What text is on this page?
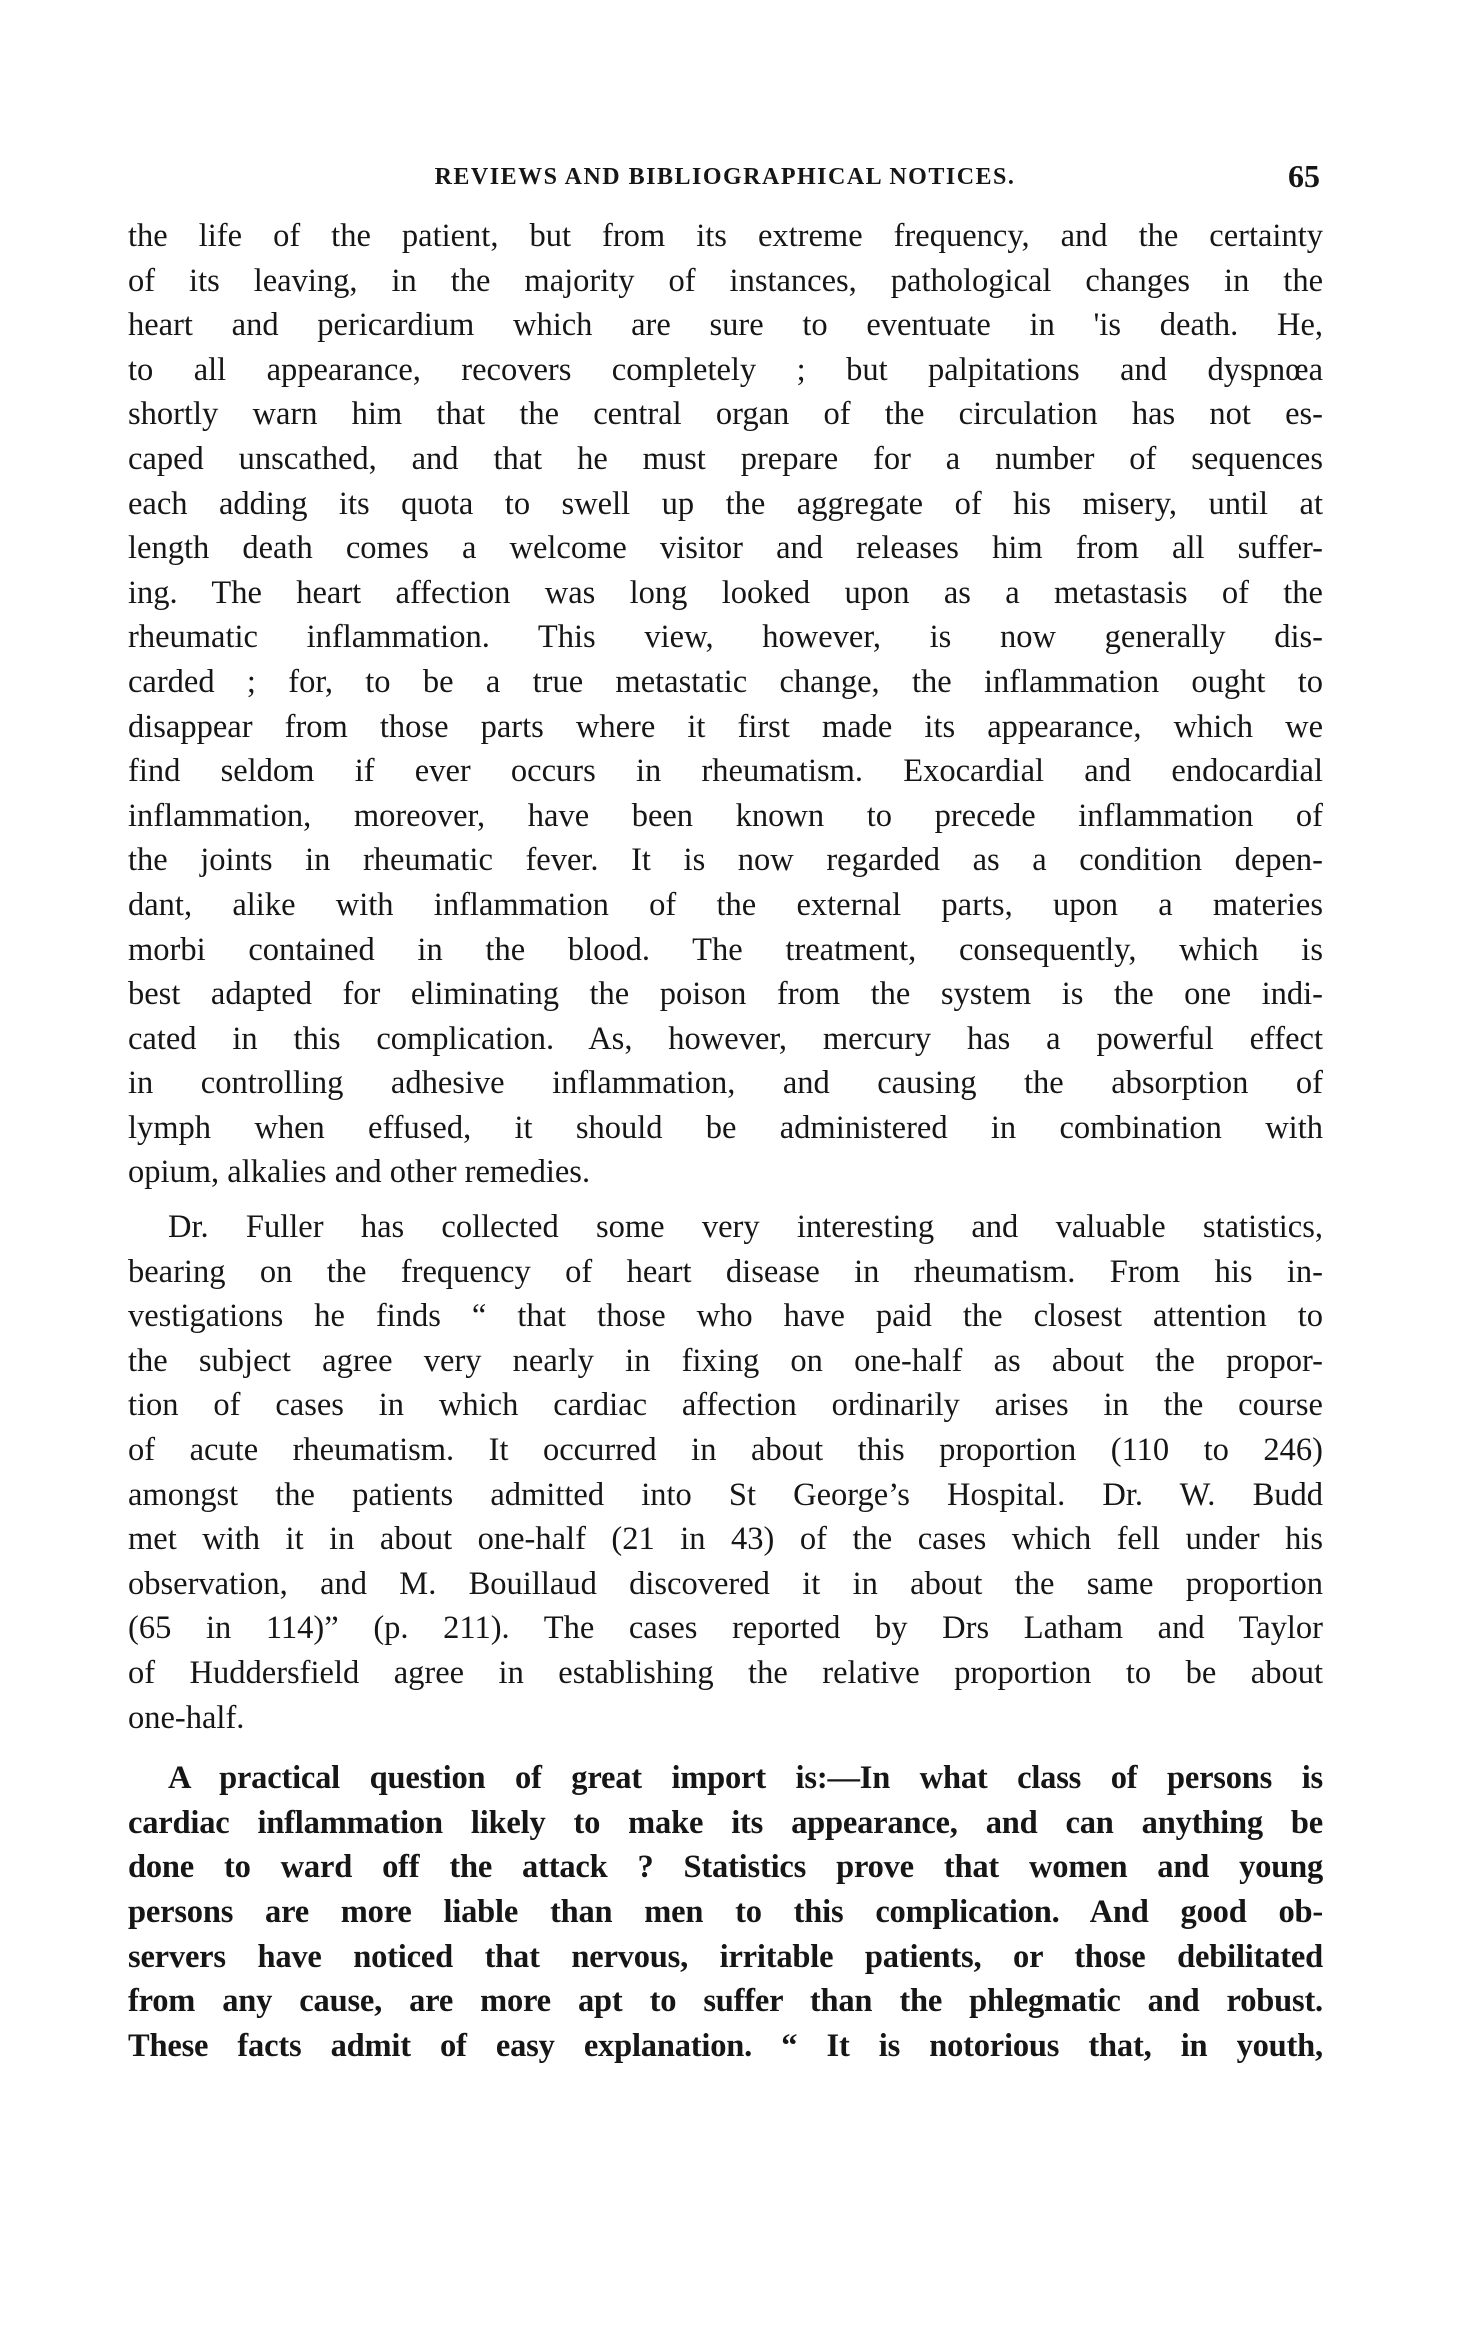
REVIEWS AND BIBLIOGRAPHICAL NOTICES.	65

the life of the patient, but from its extreme frequency, and the certainty
of its leaving, in the majority of instances, pathological changes in the
heart and pericardium which are sure to eventuate in 'is death. He,
to all appearance, recovers completely ; but palpitations and dyspnœa
shortly warn him that the central organ of the circulation has not es-
caped unscathed, and that he must prepare for a number of sequences
each adding its quota to swell up the aggregate of his misery, until at
length death comes a welcome visitor and releases him from all suffer-
ing. The heart affection was long looked upon as a metastasis of the
rheumatic inflammation. This view, however, is now generally dis-
carded ; for, to be a true metastatic change, the inflammation ought to
disappear from those parts where it first made its appearance, which we
find seldom if ever occurs in rheumatism. Exocardial and endocardial
inflammation, moreover, have been known to precede inflammation of
the joints in rheumatic fever. It is now regarded as a condition depen-
dant, alike with inflammation of the external parts, upon a materies
morbi contained in the blood. The treatment, consequently, which is
best adapted for eliminating the poison from the system is the one indi-
cated in this complication. As, however, mercury has a powerful effect
in controlling adhesive inflammation, and causing the absorption of
lymph when effused, it should be administered in combination with
opium, alkalies and other remedies.

Dr. Fuller has collected some very interesting and valuable statistics,
bearing on the frequency of heart disease in rheumatism. From his in-
vestigations he finds “ that those who have paid the closest attention to
the subject agree very nearly in fixing on one-half as about the propor-
tion of cases in which cardiac affection ordinarily arises in the course
of acute rheumatism. It occurred in about this proportion (110 to 246)
amongst the patients admitted into St George’s Hospital. Dr. W. Budd
met with it in about one-half (21 in 43) of the cases which fell under his
observation, and M. Bouillaud discovered it in about the same proportion
(65 in 114)” (p. 211). The cases reported by Drs Latham and Taylor
of Huddersfield agree in establishing the relative proportion to be about
one-half.

A practical question of great import is:—In what class of persons is
cardiac inflammation likely to make its appearance, and can anything be
done to ward off the attack ? Statistics prove that women and young
persons are more liable than men to this complication. And good ob-
servers have noticed that nervous, irritable patients, or those debilitated
from any cause, are more apt to suffer than the phlegmatic and robust.
These facts admit of easy explanation. “ It is notorious that, in youth,
